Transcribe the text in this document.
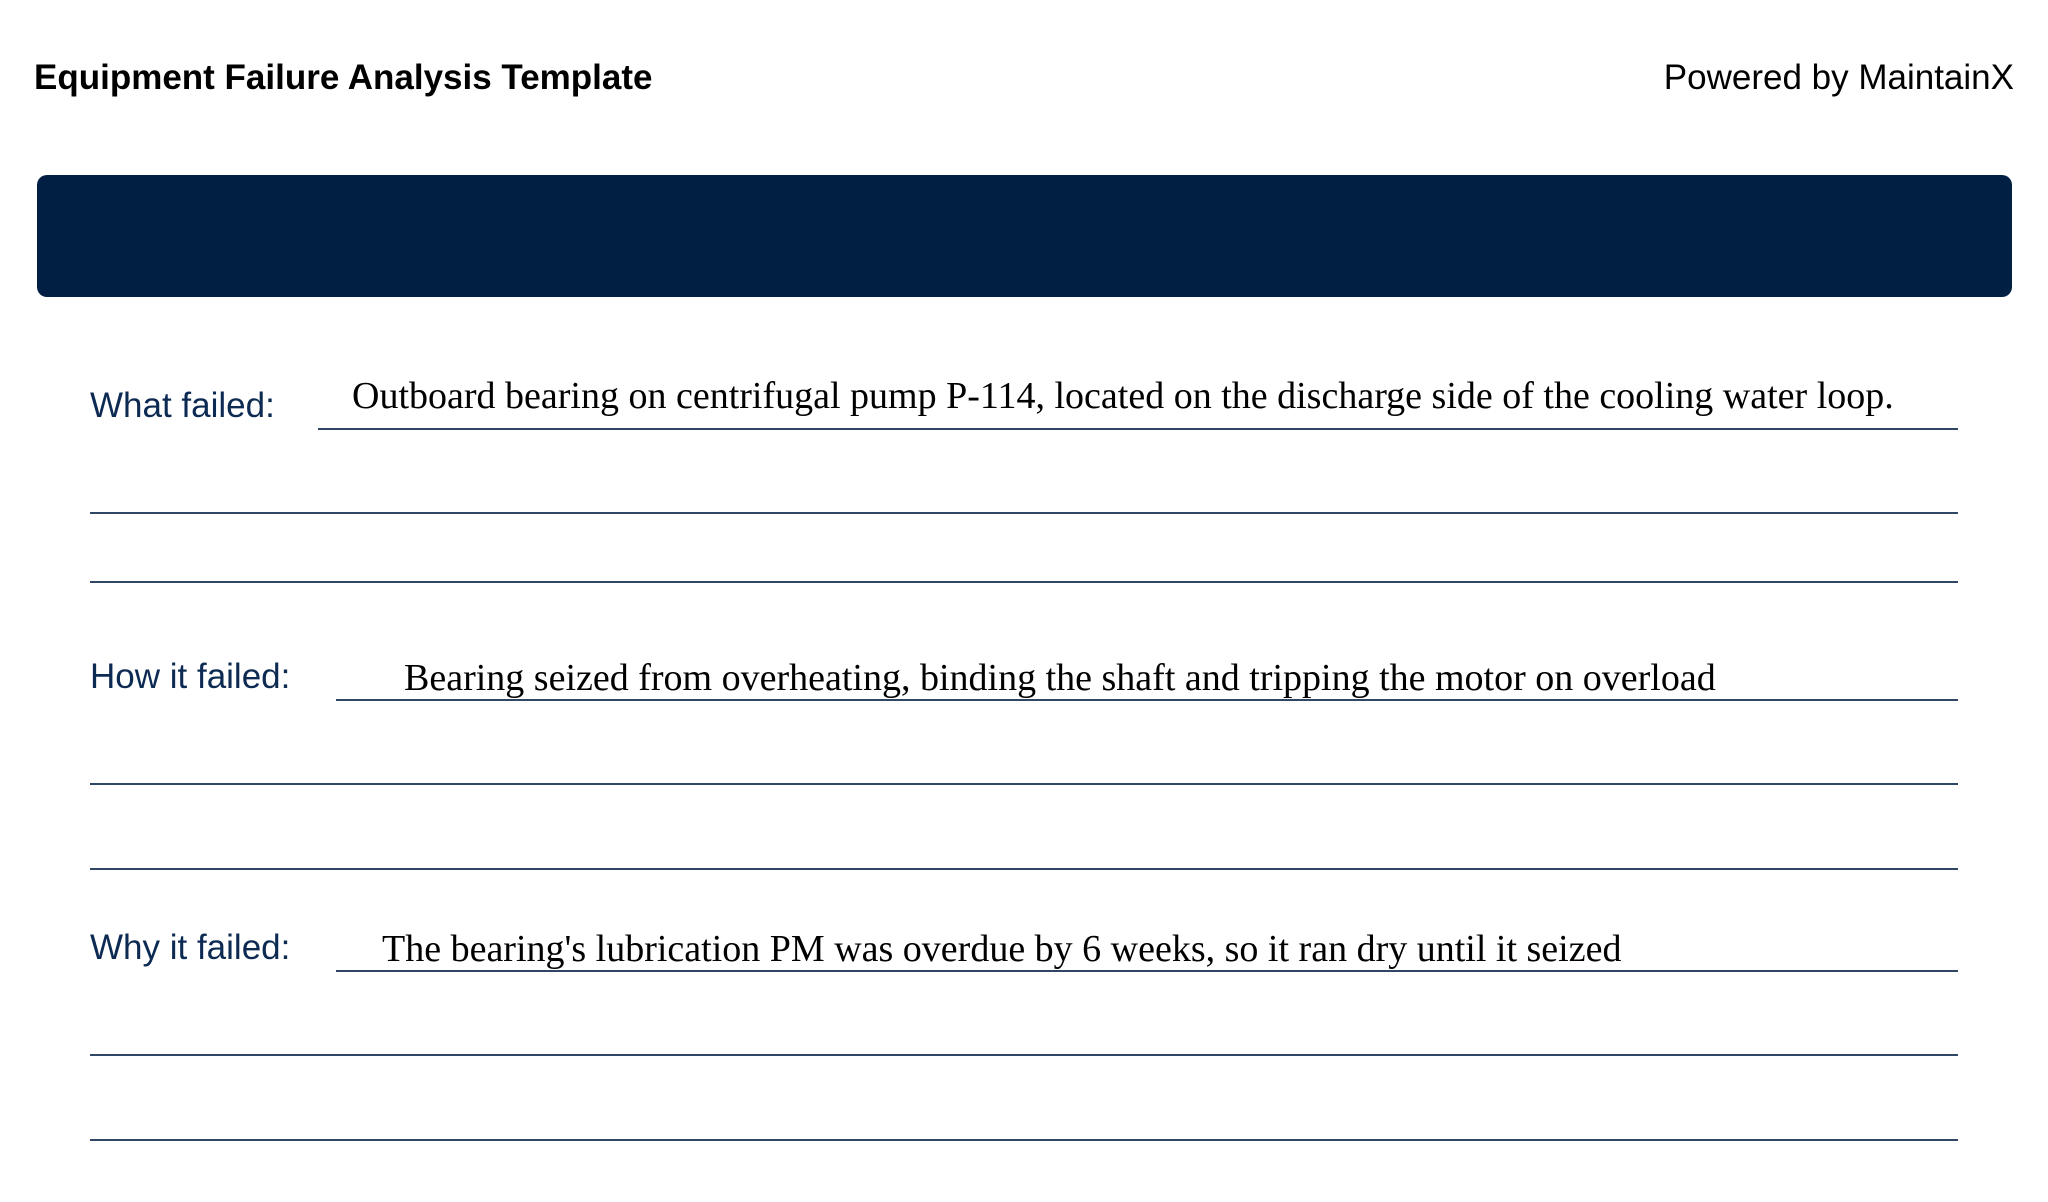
Equipment Failure Analysis Template	Powered by MaintainX
What failed: Outboard bearing on centrifugal pump P-114, located on the discharge side of the cooling water loop.
How it failed:	Bearing seized from overheating, binding the shaft and tripping the motor on overload
Why it failed: The bearing's lubrication PM was overdue by 6 weeks, so it ran dry until it seized
